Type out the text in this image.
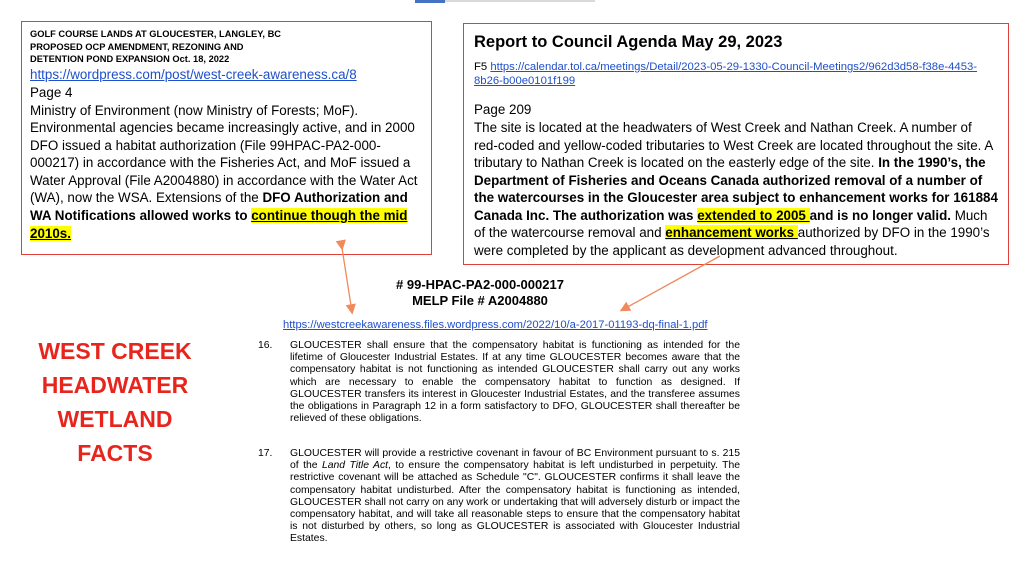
GOLF COURSE LANDS AT GLOUCESTER, LANGLEY, BC
PROPOSED OCP AMENDMENT, REZONING AND
DETENTION POND EXPANSION Oct. 18, 2022
https://wordpress.com/post/west-creek-awareness.ca/8
Page 4
Ministry of Environment (now Ministry of Forests; MoF). Environmental agencies became increasingly active, and in 2000 DFO issued a habitat authorization (File 99HPAC-PA2-000-000217) in accordance with the Fisheries Act, and MoF issued a Water Approval (File A2004880) in accordance with the Water Act (WA), now the WSA. Extensions of the DFO Authorization and WA Notifications allowed works to continue though the mid 2010s.
Report to Council Agenda May 29, 2023
F5 https://calendar.tol.ca/meetings/Detail/2023-05-29-1330-Council-Meetings2/962d3d58-f38e-4453-8b26-b00e0101f199
Page 209
The site is located at the headwaters of West Creek and Nathan Creek. A number of red-coded and yellow-coded tributaries to West Creek are located throughout the site. A tributary to Nathan Creek is located on the easterly edge of the site. In the 1990’s, the Department of Fisheries and Oceans Canada authorized removal of a number of the watercourses in the Gloucester area subject to enhancement works for 161884 Canada Inc. The authorization was extended to 2005 and is no longer valid. Much of the watercourse removal and enhancement works authorized by DFO in the 1990’s were completed by the applicant as development advanced throughout.
WEST CREEK
HEADWATER
WETLAND
FACTS
# 99-HPAC-PA2-000-000217
MELP File # A2004880
https://westcreekawareness.files.wordpress.com/2022/10/a-2017-01193-dq-final-1.pdf
16. GLOUCESTER shall ensure that the compensatory habitat is functioning as intended for the lifetime of Gloucester Industrial Estates. If at any time GLOUCESTER becomes aware that the compensatory habitat is not functioning as intended GLOUCESTER shall carry out any works which are necessary to enable the compensatory habitat to function as designed. If GLOUCESTER transfers its interest in Gloucester Industrial Estates, and the transferee assumes the obligations in Paragraph 12 in a form satisfactory to DFO, GLOUCESTER shall thereafter be relieved of these obligations.
17. GLOUCESTER will provide a restrictive covenant in favour of BC Environment pursuant to s. 215 of the Land Title Act, to ensure the compensatory habitat is left undisturbed in perpetuity. The restrictive covenant will be attached as Schedule "C". GLOUCESTER confirms it shall leave the compensatory habitat undisturbed. After the compensatory habitat is functioning as intended, GLOUCESTER shall not carry on any work or undertaking that will adversely disturb or impact the compensatory habitat, and will take all reasonable steps to ensure that the compensatory habitat is not disturbed by others, so long as GLOUCESTER is associated with Gloucester Industrial Estates.
